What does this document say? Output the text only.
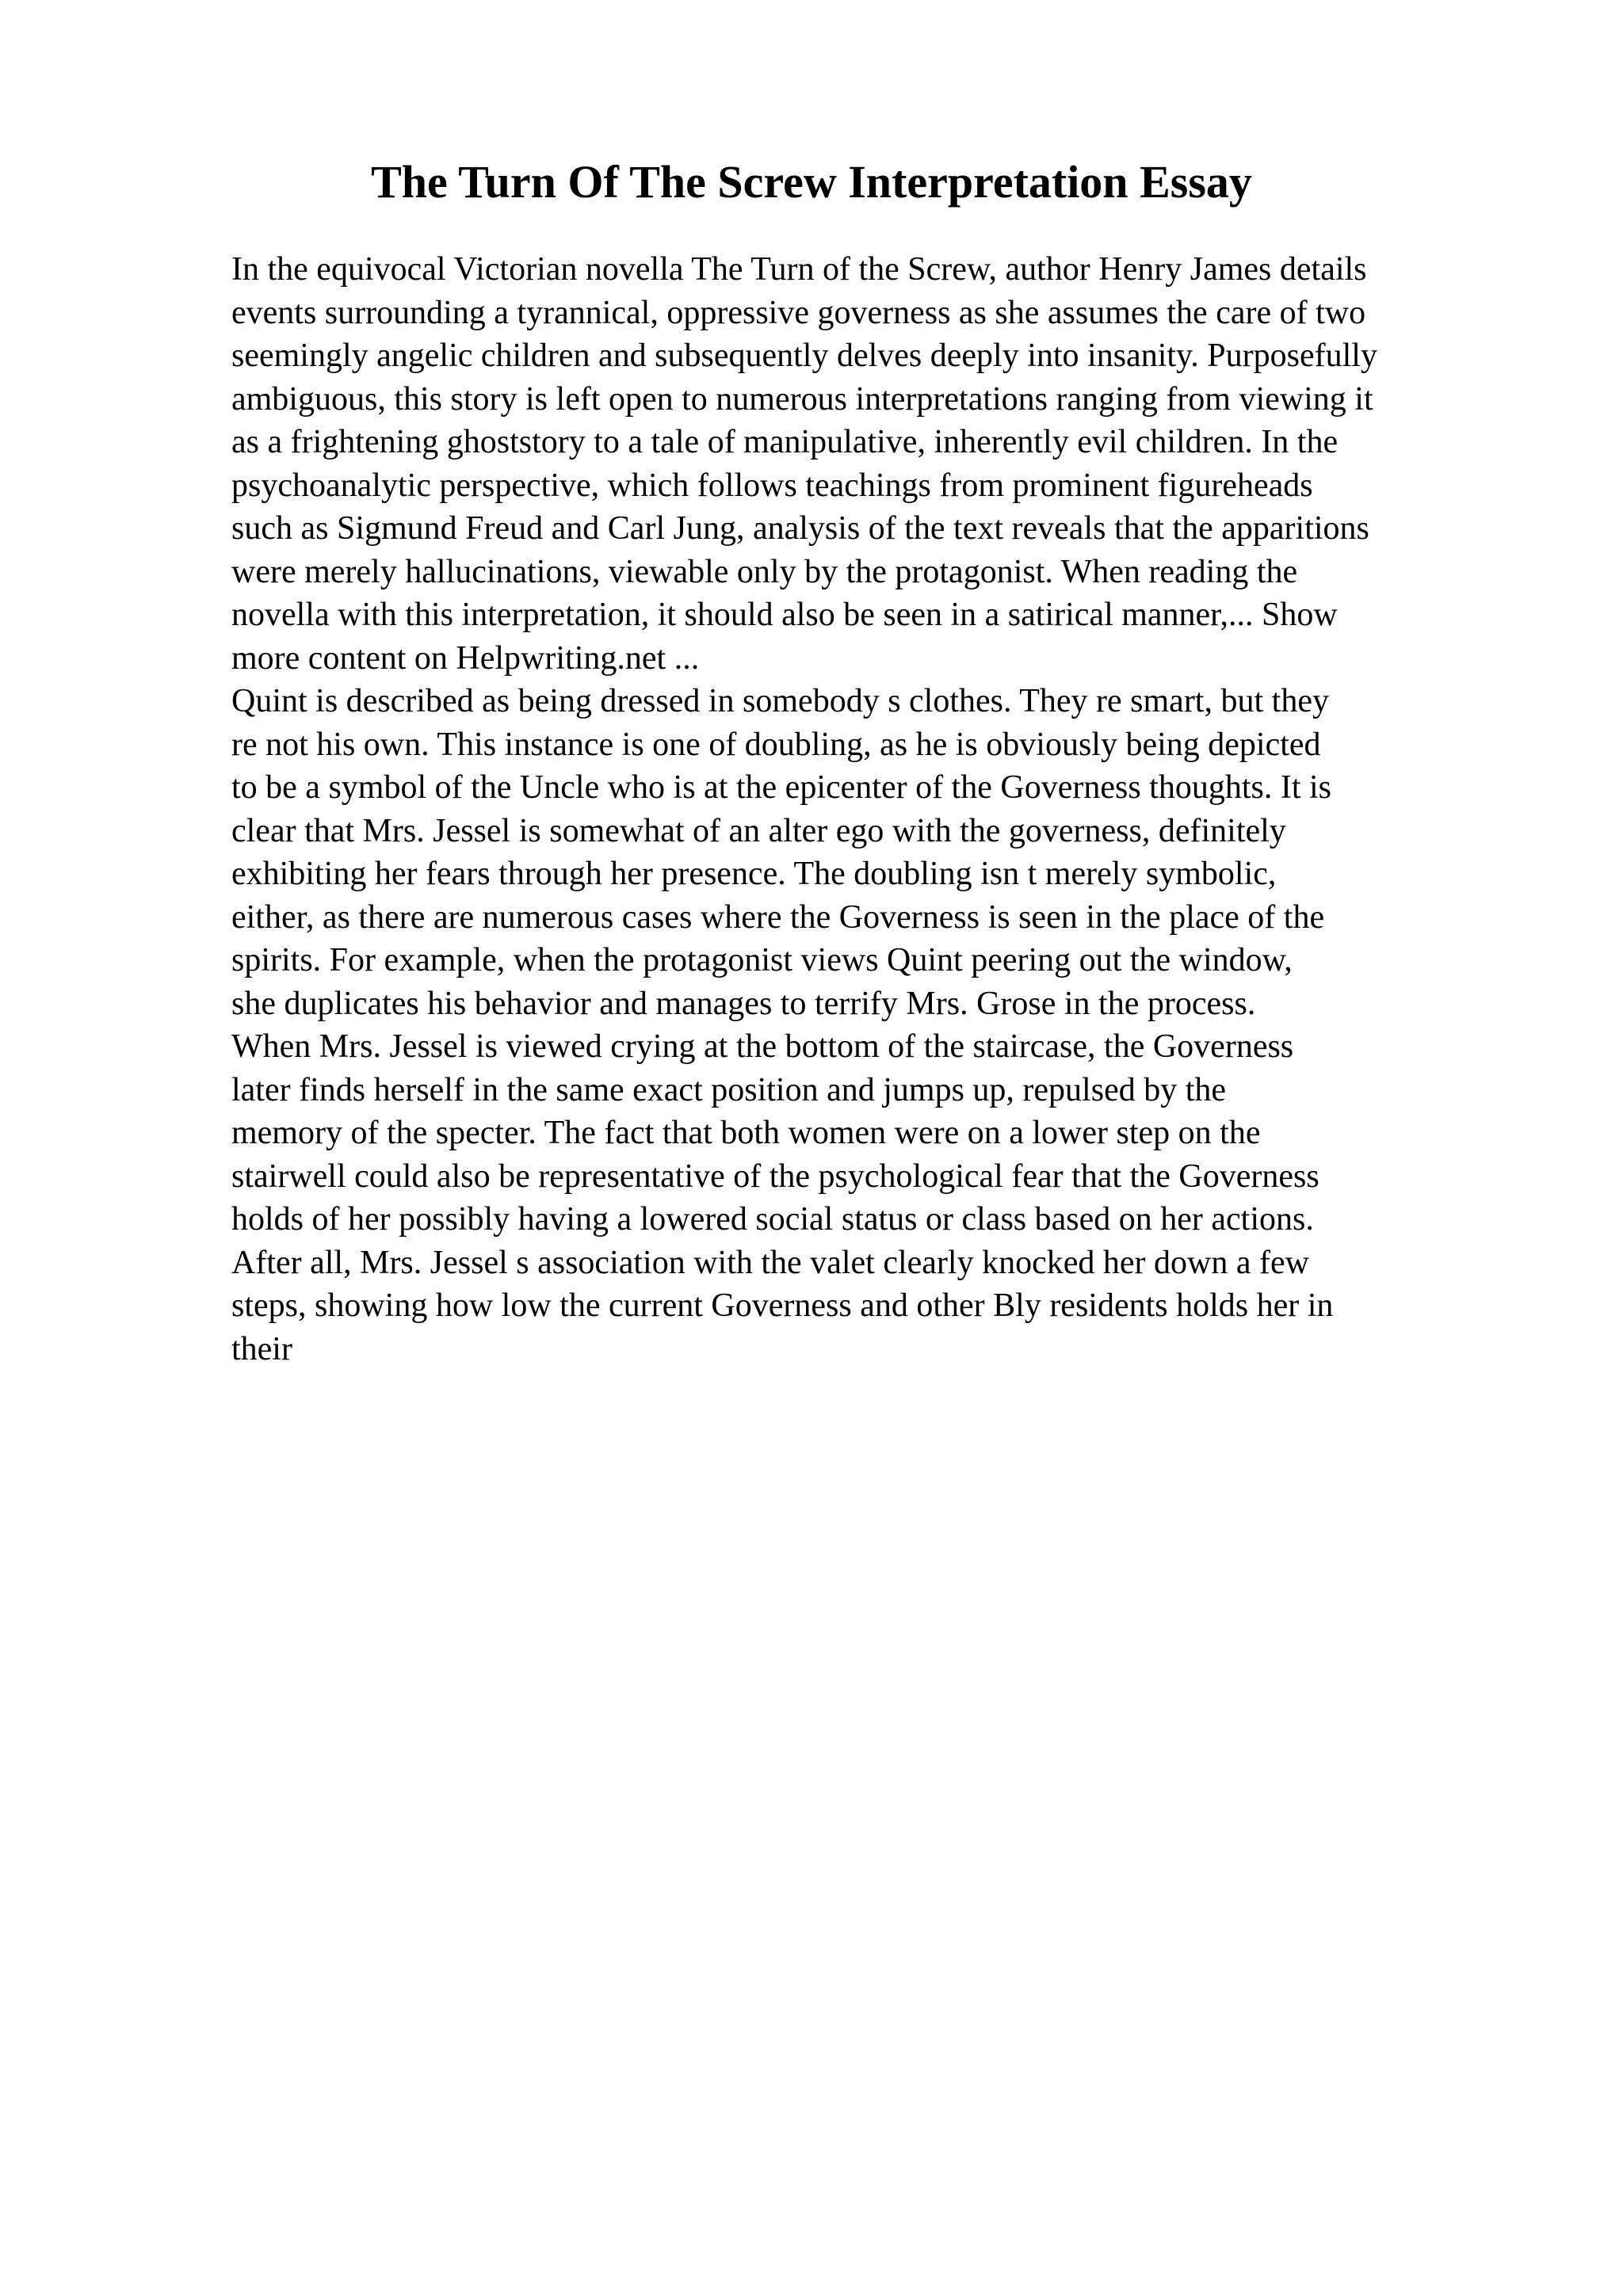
The Turn Of The Screw Interpretation Essay
In the equivocal Victorian novella The Turn of the Screw, author Henry James details
events surrounding a tyrannical, oppressive governess as she assumes the care of two
seemingly angelic children and subsequently delves deeply into insanity. Purposefully
ambiguous, this story is left open to numerous interpretations ranging from viewing it
as a frightening ghoststory to a tale of manipulative, inherently evil children. In the
psychoanalytic perspective, which follows teachings from prominent figureheads
such as Sigmund Freud and Carl Jung, analysis of the text reveals that the apparitions
were merely hallucinations, viewable only by the protagonist. When reading the
novella with this interpretation, it should also be seen in a satirical manner,... Show
more content on Helpwriting.net ...
Quint is described as being dressed in somebody s clothes. They re smart, but they
re not his own. This instance is one of doubling, as he is obviously being depicted
to be a symbol of the Uncle who is at the epicenter of the Governess thoughts. It is
clear that Mrs. Jessel is somewhat of an alter ego with the governess, definitely
exhibiting her fears through her presence. The doubling isn t merely symbolic,
either, as there are numerous cases where the Governess is seen in the place of the
spirits. For example, when the protagonist views Quint peering out the window,
she duplicates his behavior and manages to terrify Mrs. Grose in the process.
When Mrs. Jessel is viewed crying at the bottom of the staircase, the Governess
later finds herself in the same exact position and jumps up, repulsed by the
memory of the specter. The fact that both women were on a lower step on the
stairwell could also be representative of the psychological fear that the Governess
holds of her possibly having a lowered social status or class based on her actions.
After all, Mrs. Jessel s association with the valet clearly knocked her down a few
steps, showing how low the current Governess and other Bly residents holds her in
their
